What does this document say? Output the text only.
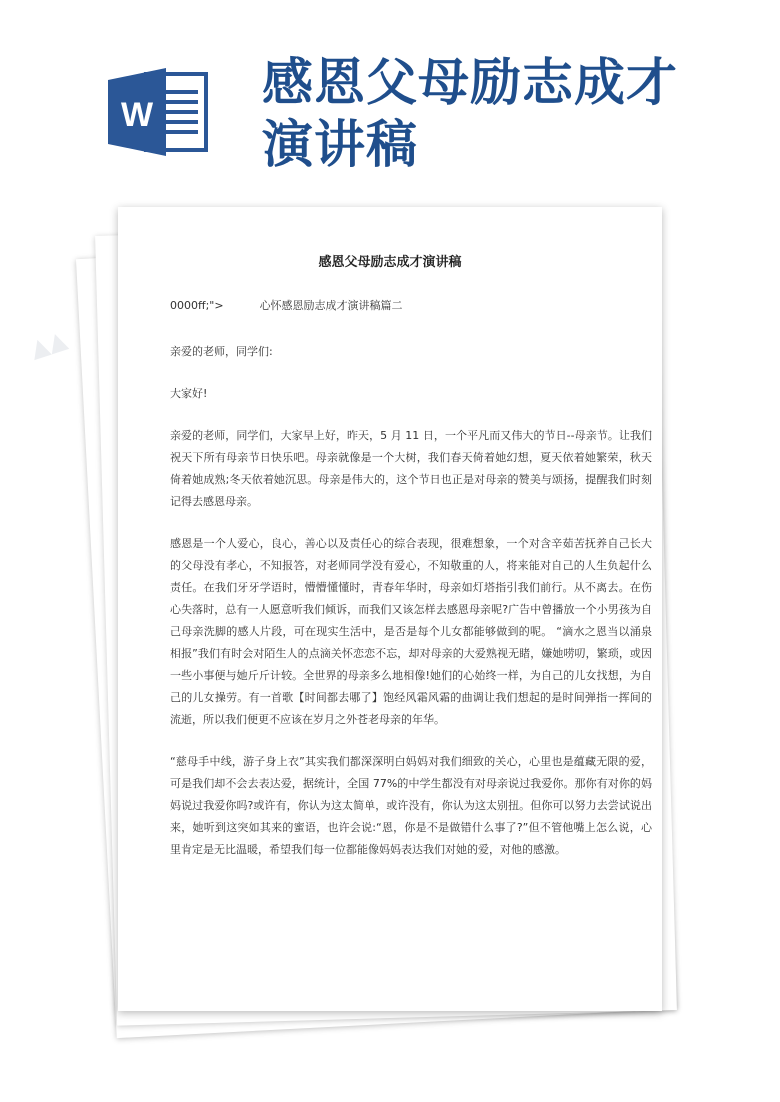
▲▲
W
感恩父母励志成才
演讲稿
感恩父母励志成才演讲稿

0000ff;">	心怀感恩励志成才演讲稿篇二

亲爱的老师，同学们:

大家好!

亲爱的老师，同学们，大家早上好，昨天，5 月 11 日，一个平凡而又伟大的节日--母亲节。让我们祝天下所有母亲节日快乐吧。母亲就像是一个大树，我们春天倚着她幻想，夏天依着她繁荣，秋天倚着她成熟;冬天依着她沉思。母亲是伟大的，这个节日也正是对母亲的赞美与颂扬，提醒我们时刻记得去感恩母亲。

感恩是一个人爱心，良心，善心以及责任心的综合表现，很难想象，一个对含辛茹苦抚养自己长大的父母没有孝心，不知报答，对老师同学没有爱心，不知敬重的人，将来能对自己的人生负起什么责任。在我们牙牙学语时，懵懵懂懂时，青春年华时，母亲如灯塔指引我们前行。从不离去。在伤心失落时，总有一人愿意听我们倾诉，而我们又该怎样去感恩母亲呢?广告中曾播放一个小男孩为自己母亲洗脚的感人片段，可在现实生活中，是否是每个儿女都能够做到的呢。 “滴水之恩当以涌泉相报”我们有时会对陌生人的点滴关怀恋恋不忘，却对母亲的大爱熟视无睹，嫌她唠叨，繁琐，或因一些小事便与她斤斤计较。全世界的母亲多么地相像!她们的心始终一样，为自己的儿女找想，为自己的儿女操劳。有一首歌【时间都去哪了】饱经风霜风霜的曲调让我们想起的是时间弹指一挥间的流逝，所以我们便更不应该在岁月之外苍老母亲的年华。

“慈母手中线，游子身上衣”其实我们都深深明白妈妈对我们细致的关心，心里也是蕴藏无限的爱，可是我们却不会去表达爱，据统计，全国 77%的中学生都没有对母亲说过我爱你。那你有对你的妈妈说过我爱你吗?或许有，你认为这太简单，或许没有，你认为这太别扭。但你可以努力去尝试说出来，她听到这突如其来的蜜语，也许会说:“恩，你是不是做错什么事了?”但不管他嘴上怎么说，心里肯定是无比温暖，希望我们每一位都能像妈妈表达我们对她的爱，对他的感激。
